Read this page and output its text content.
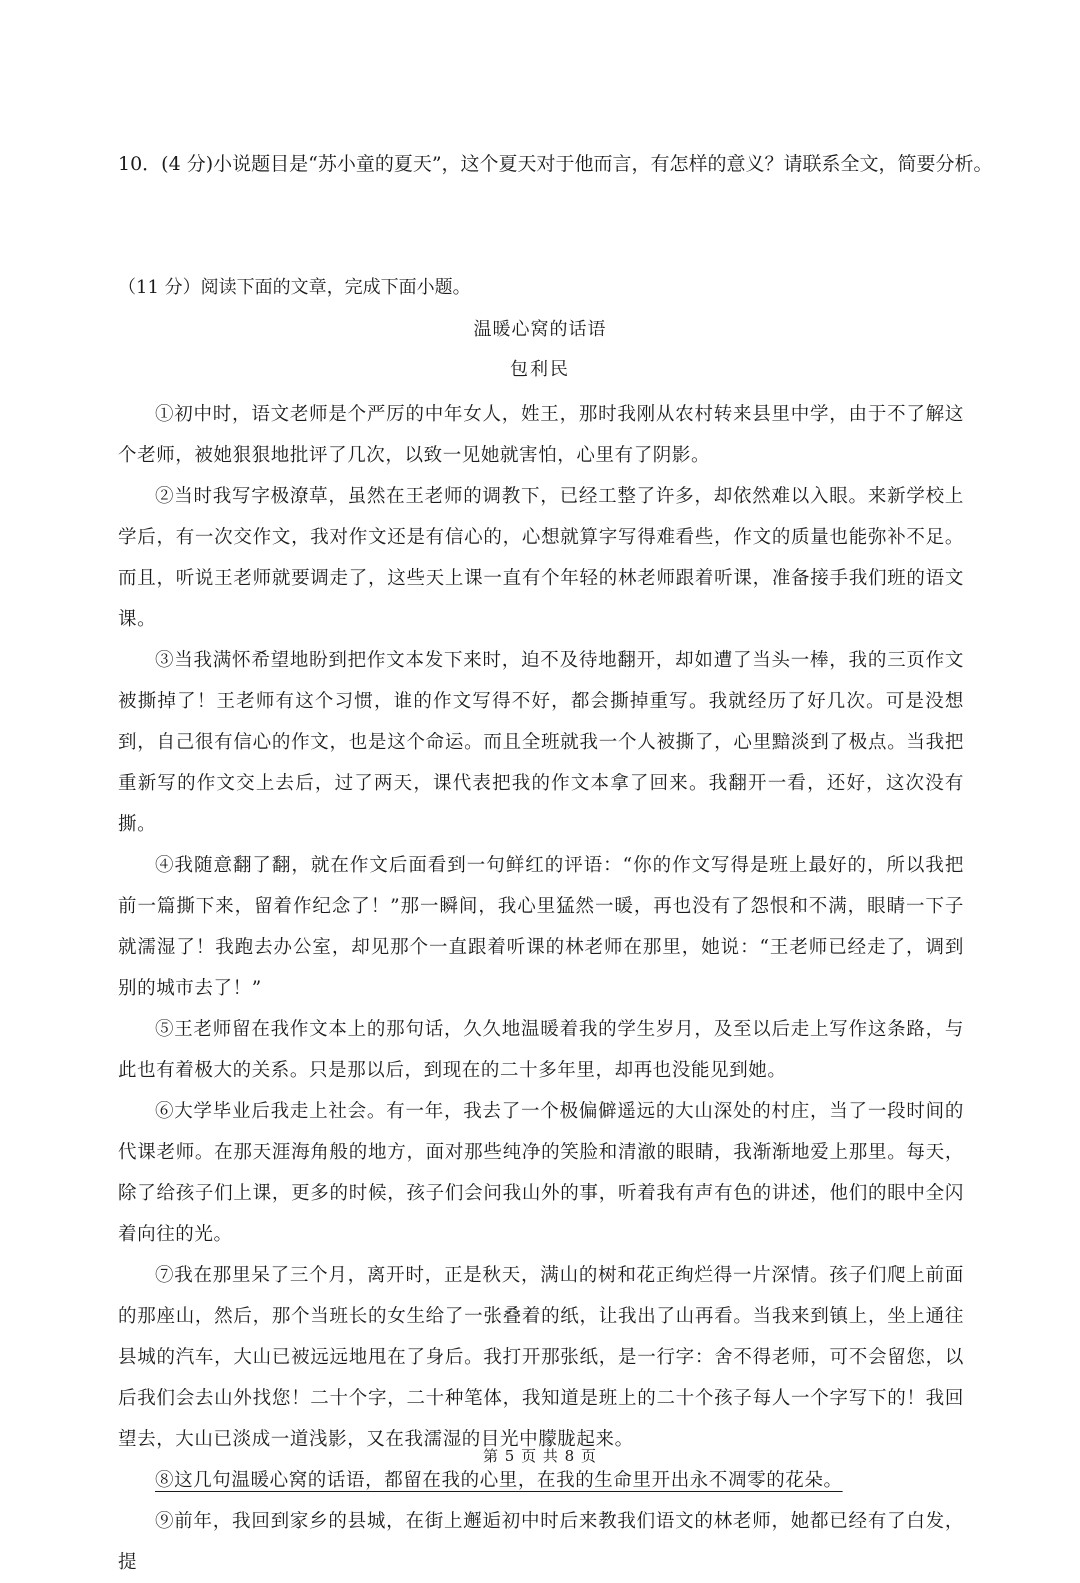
10．(4 分)小说题目是“苏小童的夏天”，这个夏天对于他而言，有怎样的意义？请联系全文，简要分析。
（11 分）阅读下面的文章，完成下面小题。
温暖心窝的话语
包利民

①初中时，语文老师是个严厉的中年女人，姓王，那时我刚从农村转来县里中学，由于不了解这个老师，被她狠狠地批评了几次，以致一见她就害怕，心里有了阴影。

②当时我写字极潦草，虽然在王老师的调教下，已经工整了许多，却依然难以入眼。来新学校上学后，有一次交作文，我对作文还是有信心的，心想就算字写得难看些，作文的质量也能弥补不足。而且，听说王老师就要调走了，这些天上课一直有个年轻的林老师跟着听课，准备接手我们班的语文课。

③当我满怀希望地盼到把作文本发下来时，迫不及待地翻开，却如遭了当头一棒，我的三页作文被撕掉了！王老师有这个习惯，谁的作文写得不好，都会撕掉重写。我就经历了好几次。可是没想到，自己很有信心的作文，也是这个命运。而且全班就我一个人被撕了，心里黯淡到了极点。当我把重新写的作文交上去后，过了两天，课代表把我的作文本拿了回来。我翻开一看，还好，这次没有撕。

④我随意翻了翻，就在作文后面看到一句鲜红的评语：“你的作文写得是班上最好的，所以我把前一篇撕下来，留着作纪念了！”那一瞬间，我心里猛然一暖，再也没有了怨恨和不满，眼睛一下子就濡湿了！我跑去办公室，却见那个一直跟着听课的林老师在那里，她说：“王老师已经走了，调到别的城市去了！”

⑤王老师留在我作文本上的那句话，久久地温暖着我的学生岁月，及至以后走上写作这条路，与此也有着极大的关系。只是那以后，到现在的二十多年里，却再也没能见到她。

⑥大学毕业后我走上社会。有一年，我去了一个极偏僻遥远的大山深处的村庄，当了一段时间的代课老师。在那天涯海角般的地方，面对那些纯净的笑脸和清澈的眼睛，我渐渐地爱上那里。每天，除了给孩子们上课，更多的时候，孩子们会问我山外的事，听着我有声有色的讲述，他们的眼中全闪着向往的光。

⑦我在那里呆了三个月，离开时，正是秋天，满山的树和花正绚烂得一片深情。孩子们爬上前面的那座山，然后，那个当班长的女生给了一张叠着的纸，让我出了山再看。当我来到镇上，坐上通往县城的汽车，大山已被远远地甩在了身后。我打开那张纸，是一行字：舍不得老师，可不会留您，以后我们会去山外找您！二十个字，二十种笔体，我知道是班上的二十个孩子每人一个字写下的！我回望去，大山已淡成一道浅影，又在我濡湿的目光中朦胧起来。

⑧这几句温暖心窝的话语，都留在我的心里，在我的生命里开出永不凋零的花朵。

⑨前年，我回到家乡的县城，在街上邂逅初中时后来教我们语文的林老师，她都已经有了白发，提

第 5 页 共 8 页
